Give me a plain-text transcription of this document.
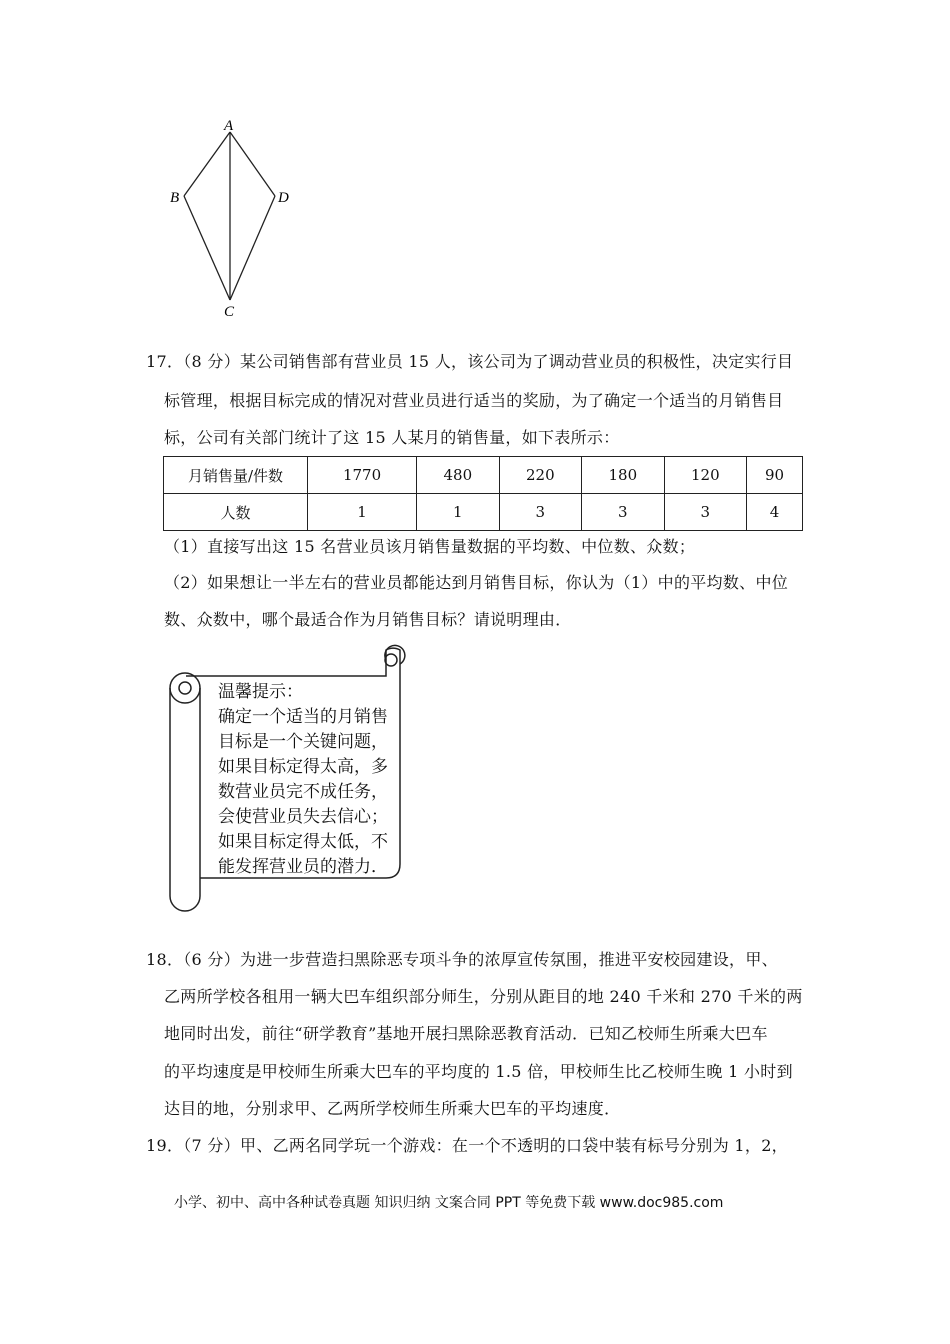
A
B	D
C
17．（8 分）某公司销售部有营业员 15 人，该公司为了调动营业员的积极性，决定实行目
标管理，根据目标完成的情况对营业员进行适当的奖励，为了确定一个适当的月销售目
标，公司有关部门统计了这 15 人某月的销售量，如下表所示：
月销售量/件数	1770	480	220	180	120	90
人数	1	1	3	3	3	4
（1）直接写出这 15 名营业员该月销售量数据的平均数、中位数、众数；
（2）如果想让一半左右的营业员都能达到月销售目标，你认为（1）中的平均数、中位
数、众数中，哪个最适合作为月销售目标？请说明理由．
温馨提示：
确定一个适当的月销售
目标是一个关键问题，
如果目标定得太高，多
数营业员完不成任务，
会使营业员失去信心；
如果目标定得太低，不
能发挥营业员的潜力．
18．（6 分）为进一步营造扫黑除恶专项斗争的浓厚宣传氛围，推进平安校园建设，甲、
乙两所学校各租用一辆大巴车组织部分师生，分别从距目的地 240 千米和 270 千米的两
地同时出发，前往“研学教育”基地开展扫黑除恶教育活动．已知乙校师生所乘大巴车
的平均速度是甲校师生所乘大巴车的平均度的 1.5 倍，甲校师生比乙校师生晚 1 小时到
达目的地，分别求甲、乙两所学校师生所乘大巴车的平均速度．
19．（7 分）甲、乙两名同学玩一个游戏：在一个不透明的口袋中装有标号分别为 1，2，
小学、初中、高中各种试卷真题 知识归纳 文案合同 PPT 等免费下载 www.doc985.com
